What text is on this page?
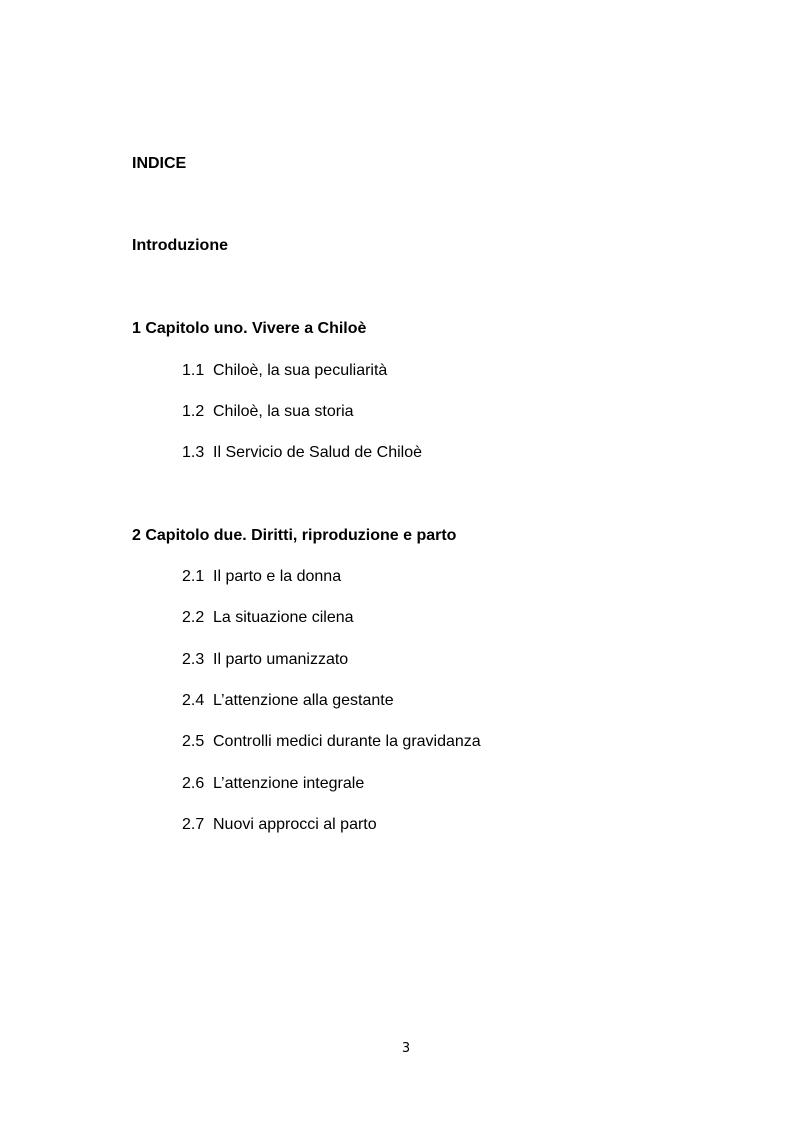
INDICE
Introduzione
1 Capitolo uno. Vivere a Chiloè
1.1 Chiloè, la sua peculiarità
1.2 Chiloè, la sua storia
1.3 Il Servicio de Salud de Chiloè
2 Capitolo due. Diritti, riproduzione e parto
2.1 Il parto e la donna
2.2 La situazione cilena
2.3 Il parto umanizzato
2.4 L’attenzione alla gestante
2.5 Controlli medici durante la gravidanza
2.6 L’attenzione integrale
2.7 Nuovi approcci al parto
3
